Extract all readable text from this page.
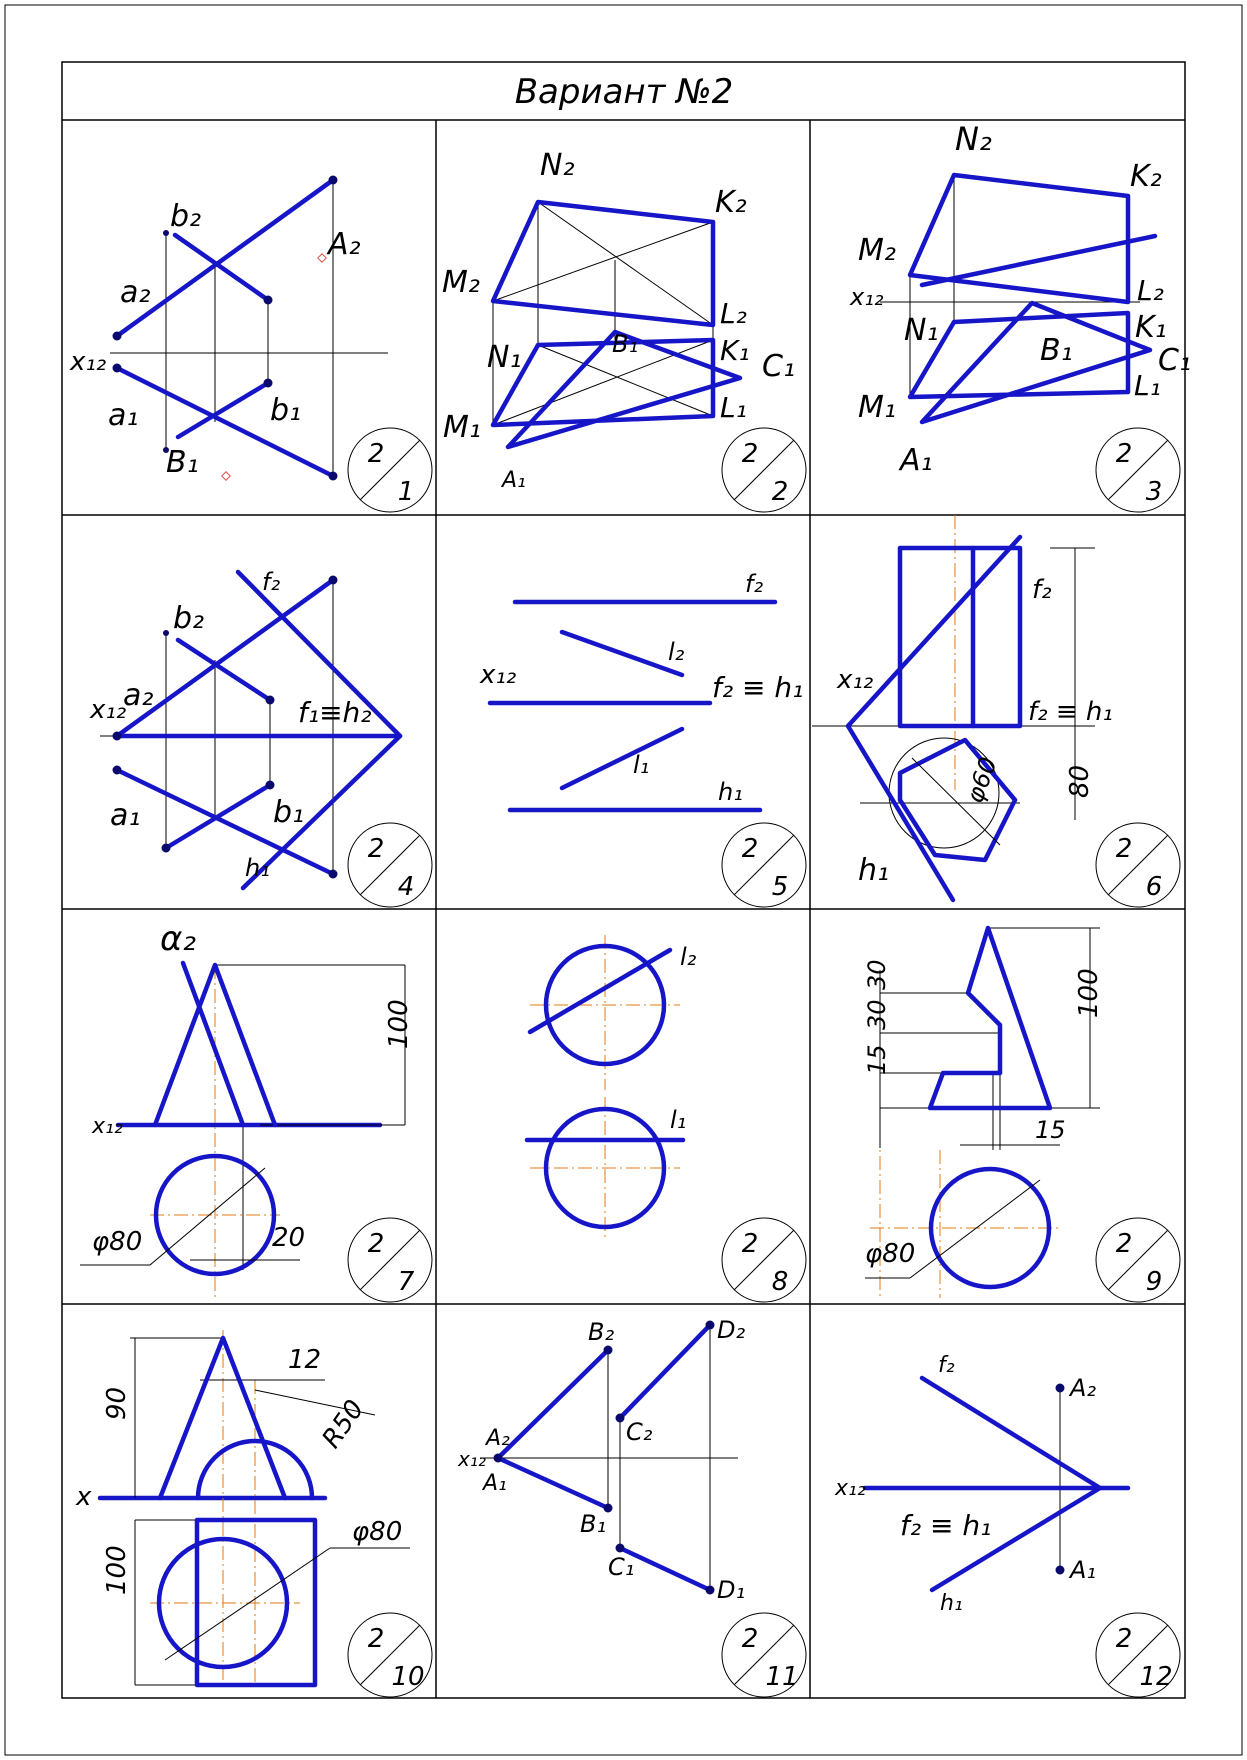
Вариант №2
b₂
a₂
A₂
x₁₂
a₁	b₁
B₁	2
1
N₂
K₂
M₂
L₂
N₁	B₁	K₁ C₁
M₁
L₁
A₁
2
2
N₂
K₂
M₂
x₁₂	L₂
N₁	K₁
B₁	C₁
L₁
M₁
A₁	2
3
f₂
b₂
x₁₂
a₂	f₁≡h₂
a₁	b₁
h₁
2
4
f₂
l₂
x₁₂	f₂ ≡ h₁
l₁
h₁
2
5
f₂
x₁₂
f₂ ≡ h₁
φ60 80
h₁
2
6
α₂
100
x₁₂
φ80	20 2
7
l₂
l₁
2
8
30
30
15
100
15
φ80	2
9
90
12
R50
x
φ80
100
2
10
B₂	D₂
C₂
A₂
x₁₂
A₁
B₁
C₁
D₁
2
11
f₂
A₂
x₁₂
f₂ ≡ h₁
A₁
h₁
2
12
